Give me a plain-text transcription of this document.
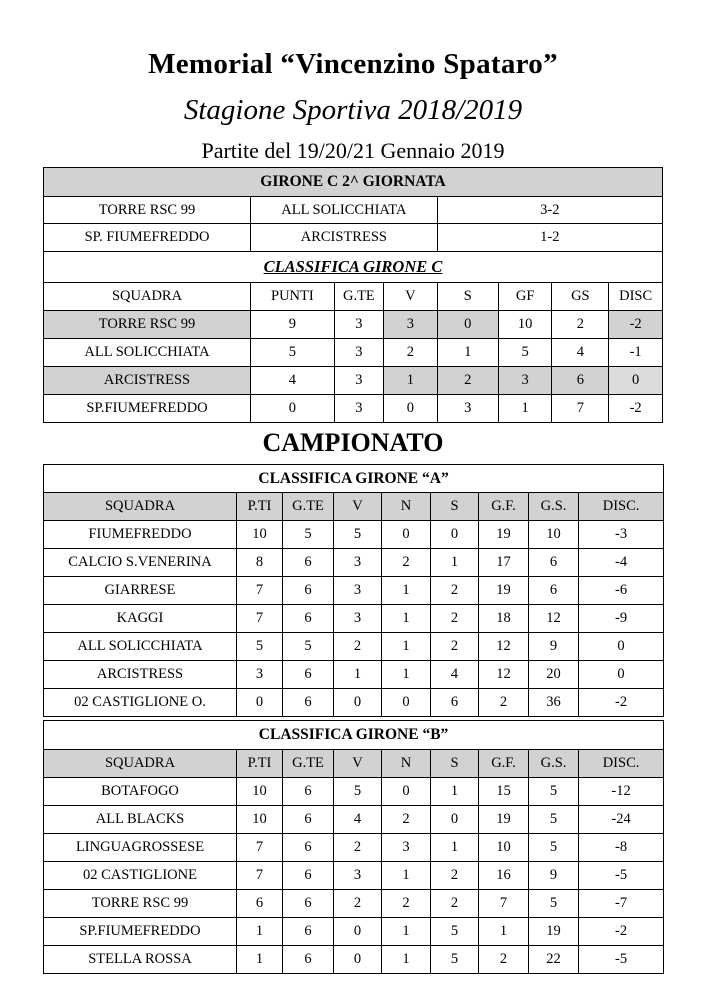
Memorial “Vincenzino Spataro”
Stagione Sportiva 2018/2019
Partite del 19/20/21 Gennaio 2019
GIRONE C 2^ GIORNATA							
TORRE RSC 99	ALL SOLICCHIATA			3-2			
SP. FIUMEFREDDO	ARCISTRESS			1-2			
CLASSIFICA GIRONE C							
SQUADRA	PUNTI	G.TE	V	S	GF	GS	DISC
TORRE RSC 99	9	3	3	0	10	2	-2
ALL SOLICCHIATA	5	3	2	1	5	4	-1
ARCISTRESS	4	3	1	2	3	6	0
SP.FIUMEFREDDO	0	3	0	3	1	7	-2
CAMPIONATO
CLASSIFICA GIRONE “A”								
SQUADRA	P.TI	G.TE	V	N	S	G.F.	G.S.	DISC.
FIUMEFREDDO	10	5	5	0	0	19	10	-3
CALCIO S.VENERINA	8	6	3	2	1	17	6	-4
GIARRESE	7	6	3	1	2	19	6	-6
KAGGI	7	6	3	1	2	18	12	-9
ALL SOLICCHIATA	5	5	2	1	2	12	9	0
ARCISTRESS	3	6	1	1	4	12	20	0
02 CASTIGLIONE O.	0	6	0	0	6	2	36	-2
CLASSIFICA GIRONE “B”								
SQUADRA	P.TI	G.TE	V	N	S	G.F.	G.S.	DISC.
BOTAFOGO	10	6	5	0	1	15	5	-12
ALL BLACKS	10	6	4	2	0	19	5	-24
LINGUAGROSSESE	7	6	2	3	1	10	5	-8
02 CASTIGLIONE	7	6	3	1	2	16	9	-5
TORRE RSC 99	6	6	2	2	2	7	5	-7
SP.FIUMEFREDDO	1	6	0	1	5	1	19	-2
STELLA ROSSA	1	6	0	1	5	2	22	-5
